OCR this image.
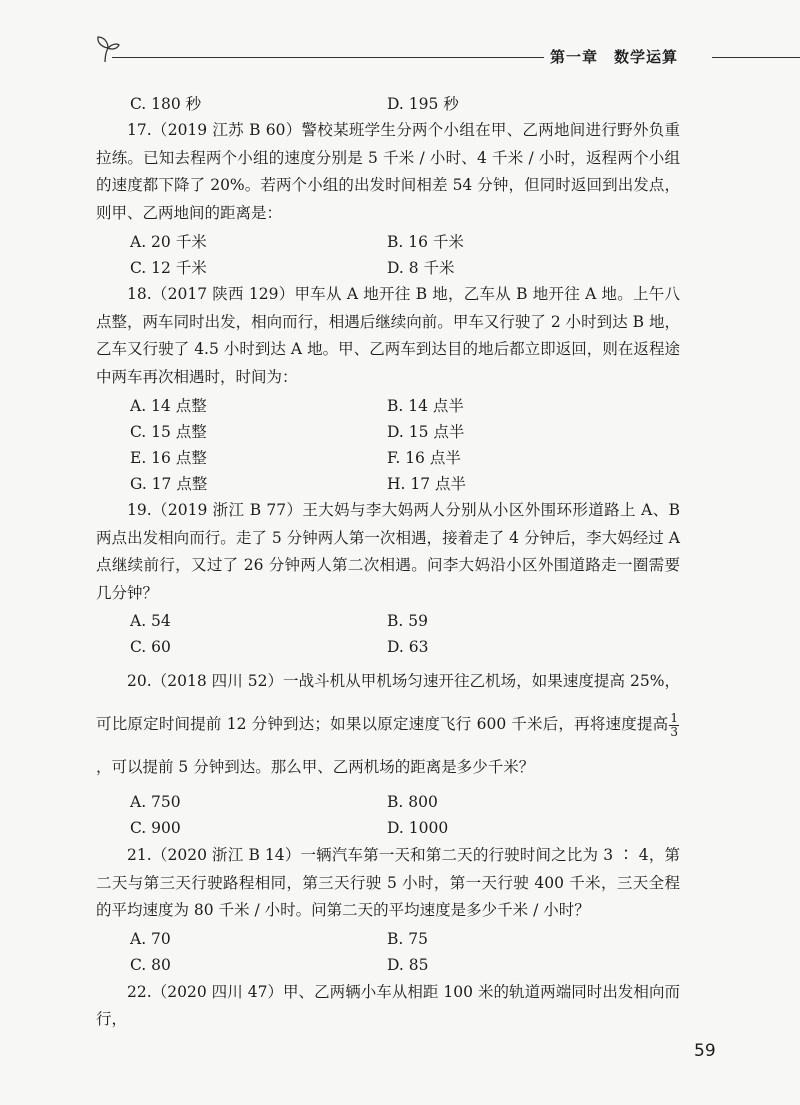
第一章　数学运算
C. 180 秒	D. 195 秒

17.（2019 江苏 B 60）警校某班学生分两个小组在甲、乙两地间进行野外负重拉练。已知去程两个小组的速度分别是 5 千米 / 小时、4 千米 / 小时，返程两个小组的速度都下降了 20%。若两个小组的出发时间相差 54 分钟，但同时返回到出发点，则甲、乙两地间的距离是：

A. 20 千米	B. 16 千米
C. 12 千米	D. 8 千米

18.（2017 陕西 129）甲车从 A 地开往 B 地，乙车从 B 地开往 A 地。上午八点整，两车同时出发，相向而行，相遇后继续向前。甲车又行驶了 2 小时到达 B 地，乙车又行驶了 4.5 小时到达 A 地。甲、乙两车到达目的地后都立即返回，则在返程途中两车再次相遇时，时间为：

A. 14 点整	B. 14 点半
C. 15 点整	D. 15 点半
E. 16 点整	F. 16 点半
G. 17 点整	H. 17 点半

19.（2019 浙江 B 77）王大妈与李大妈两人分别从小区外围环形道路上 A、B 两点出发相向而行。走了 5 分钟两人第一次相遇，接着走了 4 分钟后，李大妈经过 A 点继续前行，又过了 26 分钟两人第二次相遇。问李大妈沿小区外围道路走一圈需要几分钟？

A. 54	B. 59
C. 60	D. 63

20.（2018 四川 52）一战斗机从甲机场匀速开往乙机场，如果速度提高 25%，可比原定时间提前 12 分钟到达；如果以原定速度飞行 600 千米后，再将速度提高 $\frac{1}{3}$
，可以提前 5 分钟到达。那么甲、乙两机场的距离是多少千米？

A. 750	B. 800
C. 900	D. 1000

21.（2020 浙江 B 14）一辆汽车第一天和第二天的行驶时间之比为 3 ∶ 4，第二天与第三天行驶路程相同，第三天行驶 5 小时，第一天行驶 400 千米，三天全程的平均速度为 80 千米 / 小时。问第二天的平均速度是多少千米 / 小时？

A. 70	B. 75
C. 80	D. 85

22.（2020 四川 47）甲、乙两辆小车从相距 100 米的轨道两端同时出发相向而行，

59
